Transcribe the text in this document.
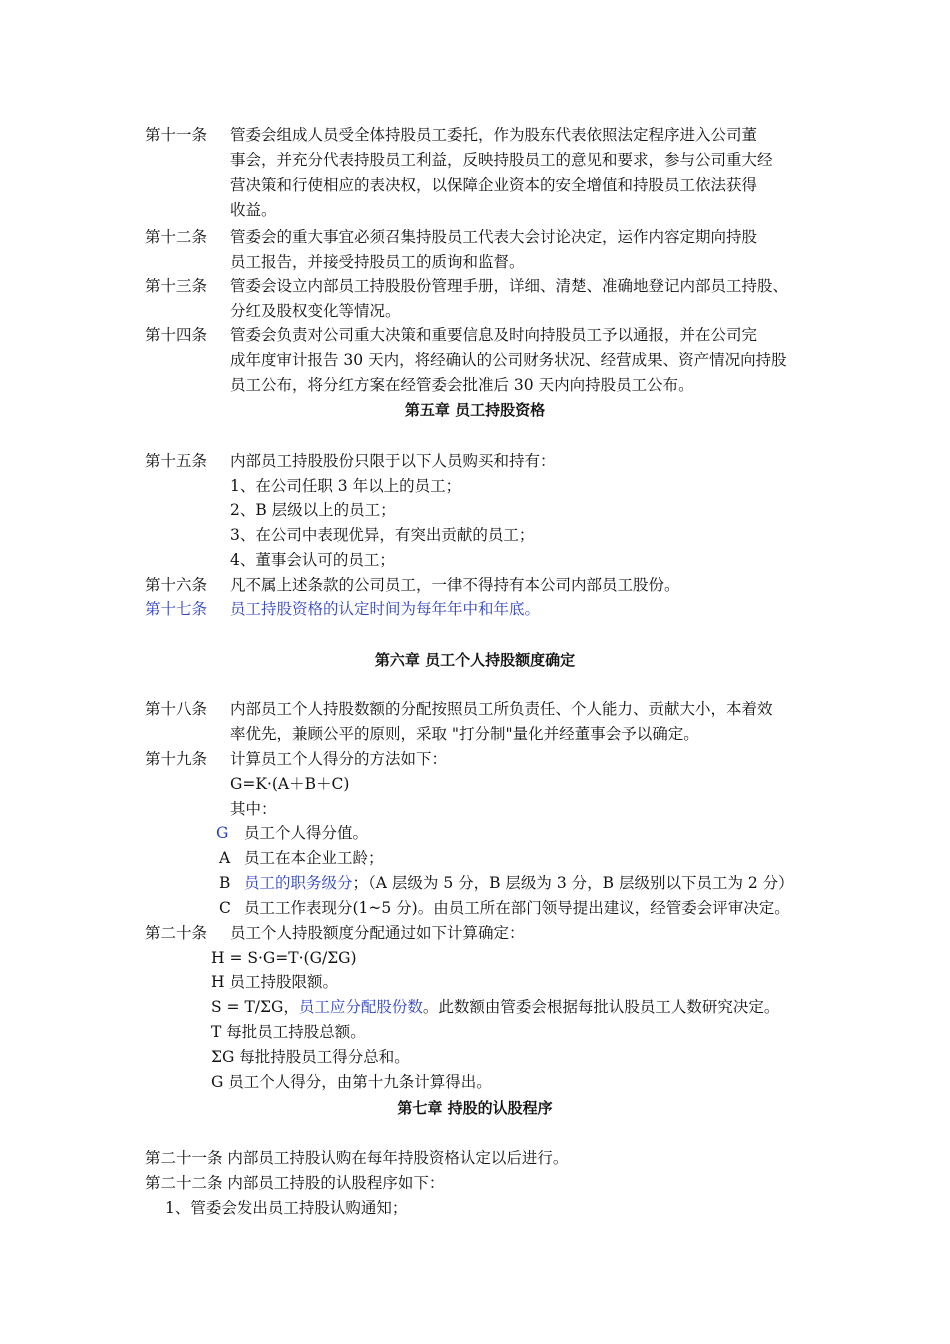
第十一条 管委会组成人员受全体持股员工委托，作为股东代表依照法定程序进入公司董
事会，并充分代表持股员工利益，反映持股员工的意见和要求，参与公司重大经
营决策和行使相应的表决权，以保障企业资本的安全增值和持股员工依法获得
收益。
第十二条 管委会的重大事宜必须召集持股员工代表大会讨论决定，运作内容定期向持股
员工报告，并接受持股员工的质询和监督。
第十三条 管委会设立内部员工持股股份管理手册，详细、清楚、准确地登记内部员工持股、
分红及股权变化等情况。
第十四条 管委会负责对公司重大决策和重要信息及时向持股员工予以通报，并在公司完
成年度审计报告 30 天内，将经确认的公司财务状况、经营成果、资产情况向持股
员工公布，将分红方案在经管委会批准后 30 天内向持股员工公布。
第五章 员工持股资格
第十五条 内部员工持股股份只限于以下人员购买和持有：
1、在公司任职 3 年以上的员工；
2、B 层级以上的员工；
3、在公司中表现优异，有突出贡献的员工；
4、董事会认可的员工；
第十六条 凡不属上述条款的公司员工，一律不得持有本公司内部员工股份。
第十七条 员工持股资格的认定时间为每年年中和年底。
第六章 员工个人持股额度确定
第十八条 内部员工个人持股数额的分配按照员工所负责任、个人能力、贡献大小，本着效
率优先，兼顾公平的原则，采取 "打分制"量化并经董事会予以确定。
第十九条 计算员工个人得分的方法如下：
G=K·(A＋B＋C)
其中：
G 员工个人得分值。
A 员工在本企业工龄；
B 员工的职务级分；（A 层级为 5 分，B 层级为 3 分，B 层级别以下员工为 2 分）
C 员工工作表现分(1~5 分)。由员工所在部门领导提出建议，经管委会评审决定。
第二十条 员工个人持股额度分配通过如下计算确定：
H = S·G=T·(G/ΣG)
H 员工持股限额。
S = T/ΣG，员工应分配股份数。此数额由管委会根据每批认股员工人数研究决定。
T 每批员工持股总额。
ΣG 每批持股员工得分总和。
G 员工个人得分，由第十九条计算得出。
第七章 持股的认股程序
第二十一条 内部员工持股认购在每年持股资格认定以后进行。
第二十二条 内部员工持股的认股程序如下：
1、管委会发出员工持股认购通知；
